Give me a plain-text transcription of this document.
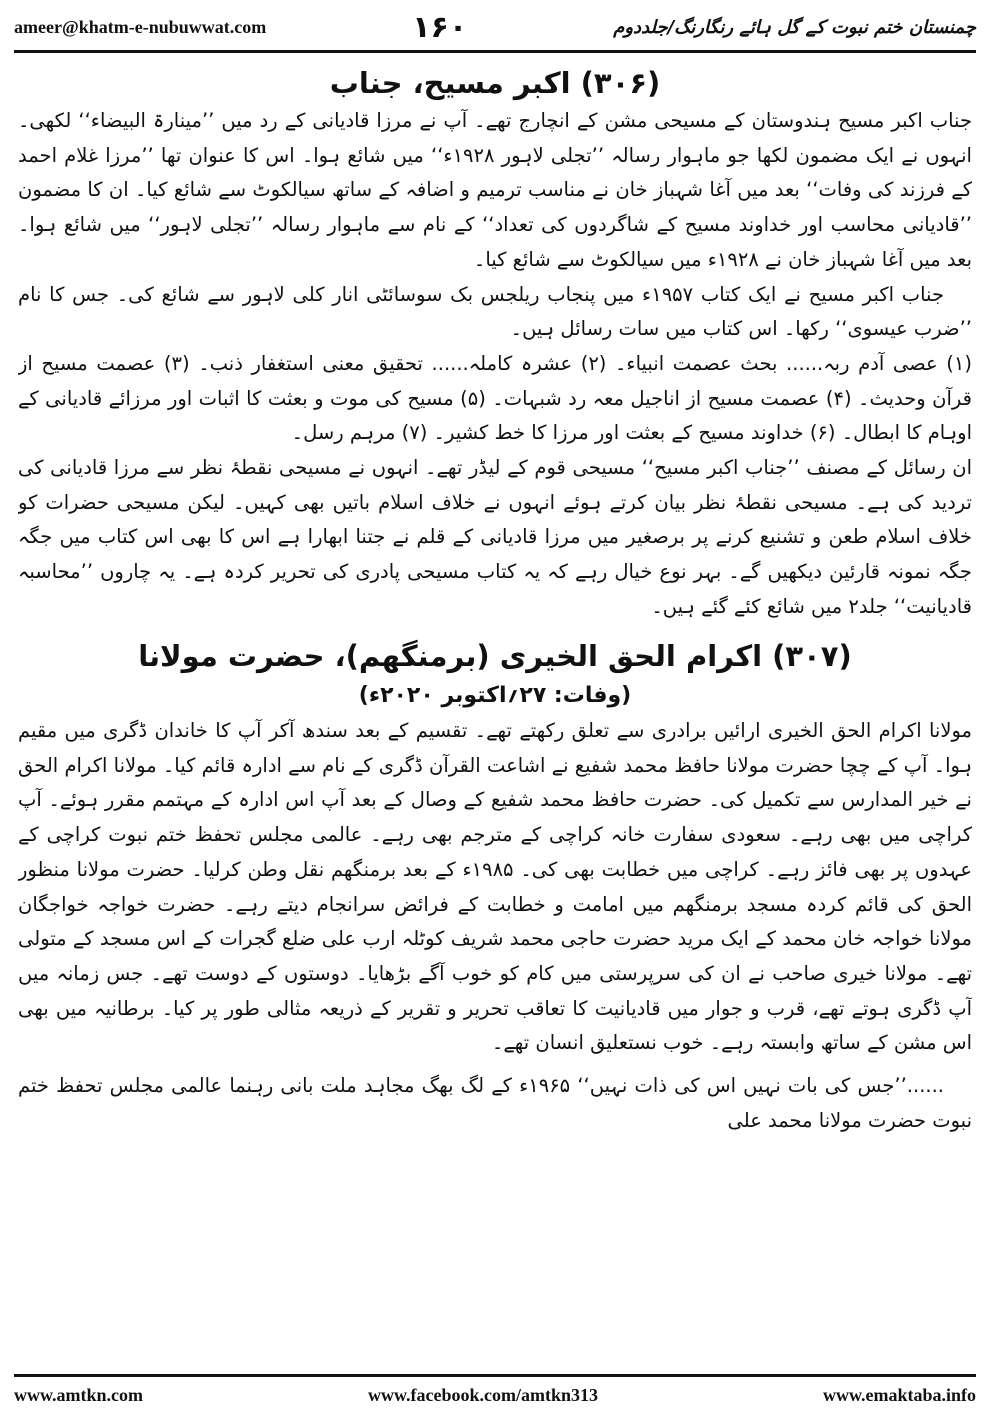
ameer@khatm-e-nubuwwat.com	۱۶۰	چمنستان ختم نبوت کے گل ہائے رنگارنگ/جلددوم
(۳۰۶) اکبر مسیح، جناب

جناب اکبر مسیح ہندوستان کے مسیحی مشن کے انچارج تھے۔ آپ نے مرزا قادیانی کے رد میں ’’مینارۃ البیضاء‘‘ لکھی۔ انہوں نے ایک مضمون لکھا جو ماہوار رسالہ ’’تجلی لاہور ۱۹۲۸ء‘‘ میں شائع ہوا۔ اس کا عنوان تھا ’’مرزا غلام احمد کے فرزند کی وفات‘‘ بعد میں آغا شہباز خان نے مناسب ترمیم و اضافہ کے ساتھ سیالکوٹ سے شائع کیا۔ ان کا مضمون ’’قادیانی محاسب اور خداوند مسیح کے شاگردوں کی تعداد‘‘ کے نام سے ماہوار رسالہ ’’تجلی لاہور‘‘ میں شائع ہوا۔ بعد میں آغا شہباز خان نے ۱۹۲۸ء میں سیالکوٹ سے شائع کیا۔

جناب اکبر مسیح نے ایک کتاب ۱۹۵۷ء میں پنجاب ریلجس بک سوسائٹی انار کلی لاہور سے شائع کی۔ جس کا نام ’’ضرب عیسوی‘‘ رکھا۔ اس کتاب میں سات رسائل ہیں۔

(۱) عصی آدم ربہ...... بحث عصمت انبیاء۔ (۲) عشرہ کاملہ...... تحقیق معنی استغفار ذنب۔ (۳) عصمت مسیح از قرآن وحدیث۔ (۴) عصمت مسیح از اناجیل معہ رد شبہات۔ (۵) مسیح کی موت و بعثت کا اثبات اور مرزائے قادیانی کے اوہام کا ابطال۔ (۶) خداوند مسیح کے بعثت اور مرزا کا خط کشیر۔ (۷) مرہم رسل۔

ان رسائل کے مصنف ’’جناب اکبر مسیح‘‘ مسیحی قوم کے لیڈر تھے۔ انہوں نے مسیحی نقطۂ نظر سے مرزا قادیانی کی تردید کی ہے۔ مسیحی نقطۂ نظر بیان کرتے ہوئے انہوں نے خلاف اسلام باتیں بھی کہیں۔ لیکن مسیحی حضرات کو خلاف اسلام طعن و تشنیع کرنے پر برصغیر میں مرزا قادیانی کے قلم نے جتنا ابھارا ہے اس کا بھی اس کتاب میں جگہ جگہ نمونہ قارئین دیکھیں گے۔ بہر نوع خیال رہے کہ یہ کتاب مسیحی پادری کی تحریر کردہ ہے۔ یہ چاروں ’’محاسبہ قادیانیت‘‘ جلد۲ میں شائع کئے گئے ہیں۔

(۳۰۷) اکرام الحق الخیری (برمنگھم)، حضرت مولانا
(وفات: ۲۷؍اکتوبر ۲۰۲۰ء)

مولانا اکرام الحق الخیری ارائیں برادری سے تعلق رکھتے تھے۔ تقسیم کے بعد سندھ آکر آپ کا خاندان ڈگری میں مقیم ہوا۔ آپ کے چچا حضرت مولانا حافظ محمد شفیع نے اشاعت القرآن ڈگری کے نام سے ادارہ قائم کیا۔ مولانا اکرام الحق نے خیر المدارس سے تکمیل کی۔ حضرت حافظ محمد شفیع کے وصال کے بعد آپ اس ادارہ کے مہتمم مقرر ہوئے۔ آپ کراچی میں بھی رہے۔ سعودی سفارت خانہ کراچی کے مترجم بھی رہے۔ عالمی مجلس تحفظ ختم نبوت کراچی کے عہدوں پر بھی فائز رہے۔ کراچی میں خطابت بھی کی۔ ۱۹۸۵ء کے بعد برمنگھم نقل وطن کرلیا۔ حضرت مولانا منظور الحق کی قائم کردہ مسجد برمنگھم میں امامت و خطابت کے فرائض سرانجام دیتے رہے۔ حضرت خواجہ خواجگان مولانا خواجہ خان محمد کے ایک مرید حضرت حاجی محمد شریف کوٹلہ ارب علی ضلع گجرات کے اس مسجد کے متولی تھے۔ مولانا خیری صاحب نے ان کی سرپرستی میں کام کو خوب آگے بڑھایا۔ دوستوں کے دوست تھے۔ جس زمانہ میں آپ ڈگری ہوتے تھے، قرب و جوار میں قادیانیت کا تعاقب تحریر و تقریر کے ذریعہ مثالی طور پر کیا۔ برطانیہ میں بھی اس مشن کے ساتھ وابستہ رہے۔ خوب نستعلیق انسان تھے۔

......’’جس کی بات نہیں اس کی ذات نہیں‘‘ ۱۹۶۵ء کے لگ بھگ مجاہد ملت بانی رہنما عالمی مجلس تحفظ ختم نبوت حضرت مولانا محمد علی

www.amtkn.com	www.facebook.com/amtkn313	www.emaktaba.info
